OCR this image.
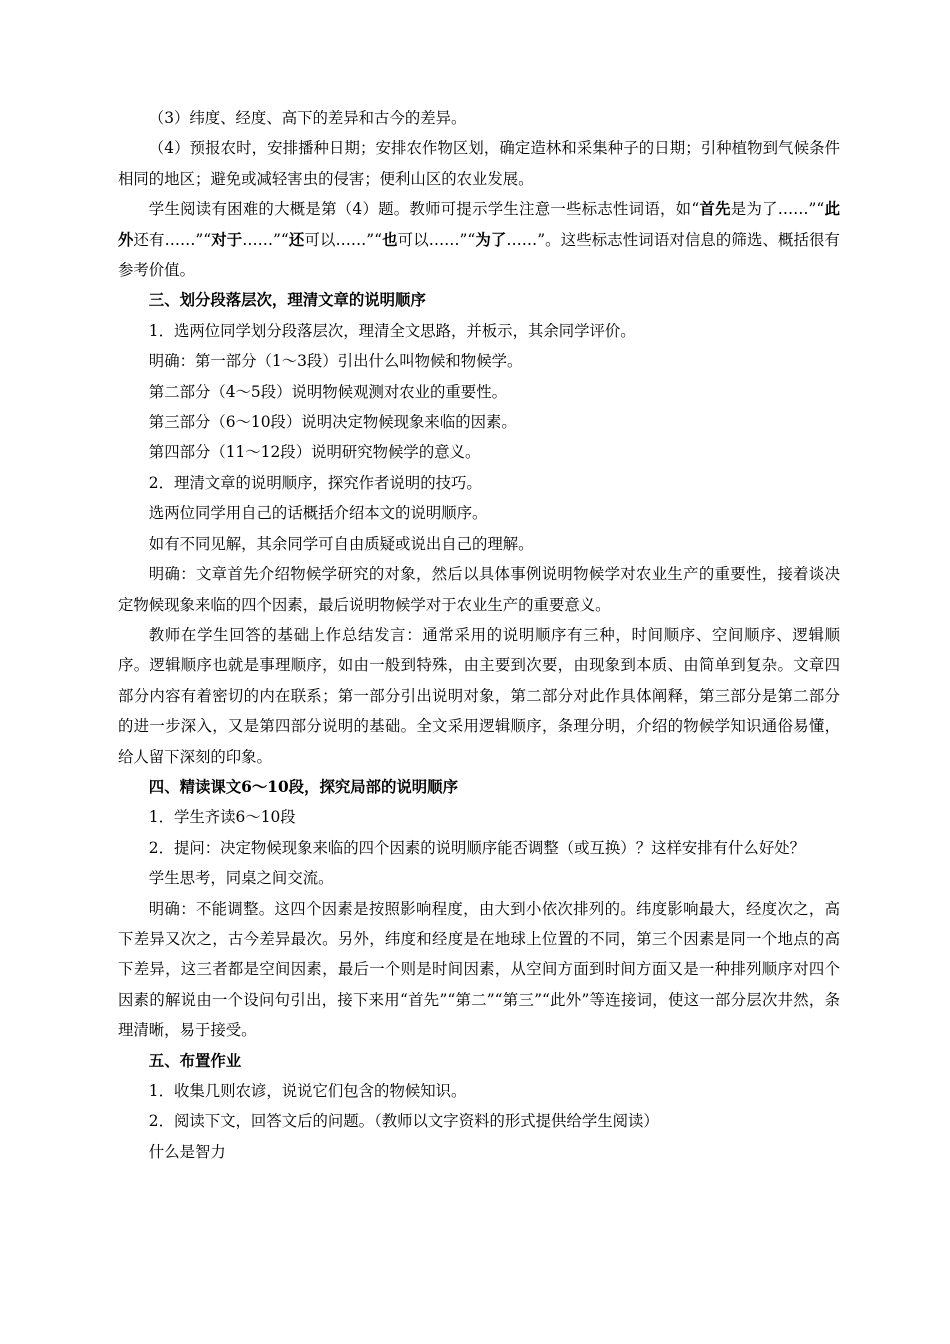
（3）纬度、经度、高下的差异和古今的差异。

（4）预报农时，安排播种日期；安排农作物区划，确定造林和采集种子的日期；引种植物到气候条件相同的地区；避免或减轻害虫的侵害；便利山区的农业发展。

学生阅读有困难的大概是第（4）题。教师可提示学生注意一些标志性词语，如“首先是为了……”“此外还有……”“对于……”“还可以……”“也可以……”“为了……”。这些标志性词语对信息的筛选、概括很有参考价值。

三、划分段落层次，理清文章的说明顺序

1．选两位同学划分段落层次，理清全文思路，并板示，其余同学评价。

明确：第一部分（1～3段）引出什么叫物候和物候学。

第二部分（4～5段）说明物候观测对农业的重要性。

第三部分（6～10段）说明决定物候现象来临的因素。

第四部分（11～12段）说明研究物候学的意义。

2．理清文章的说明顺序，探究作者说明的技巧。

选两位同学用自己的话概括介绍本文的说明顺序。

如有不同见解，其余同学可自由质疑或说出自己的理解。

明确：文章首先介绍物候学研究的对象，然后以具体事例说明物候学对农业生产的重要性，接着谈决定物候现象来临的四个因素，最后说明物候学对于农业生产的重要意义。

教师在学生回答的基础上作总结发言：通常采用的说明顺序有三种，时间顺序、空间顺序、逻辑顺序。逻辑顺序也就是事理顺序，如由一般到特殊，由主要到次要，由现象到本质、由简单到复杂。文章四部分内容有着密切的内在联系；第一部分引出说明对象，第二部分对此作具体阐释，第三部分是第二部分的进一步深入，又是第四部分说明的基础。全文采用逻辑顺序，条理分明，介绍的物候学知识通俗易懂，给人留下深刻的印象。

四、精读课文6～10段，探究局部的说明顺序

1．学生齐读6～10段

2．提问：决定物候现象来临的四个因素的说明顺序能否调整（或互换）？这样安排有什么好处？

学生思考，同桌之间交流。

明确：不能调整。这四个因素是按照影响程度，由大到小依次排列的。纬度影响最大，经度次之，高下差异又次之，古今差异最次。另外，纬度和经度是在地球上位置的不同，第三个因素是同一个地点的高下差异，这三者都是空间因素，最后一个则是时间因素，从空间方面到时间方面又是一种排列顺序对四个因素的解说由一个设问句引出，接下来用“首先”“第二”“第三”“此外”等连接词，使这一部分层次井然，条理清晰，易于接受。

五、布置作业

1．收集几则农谚，说说它们包含的物候知识。

2．阅读下文，回答文后的问题。（教师以文字资料的形式提供给学生阅读）

什么是智力
